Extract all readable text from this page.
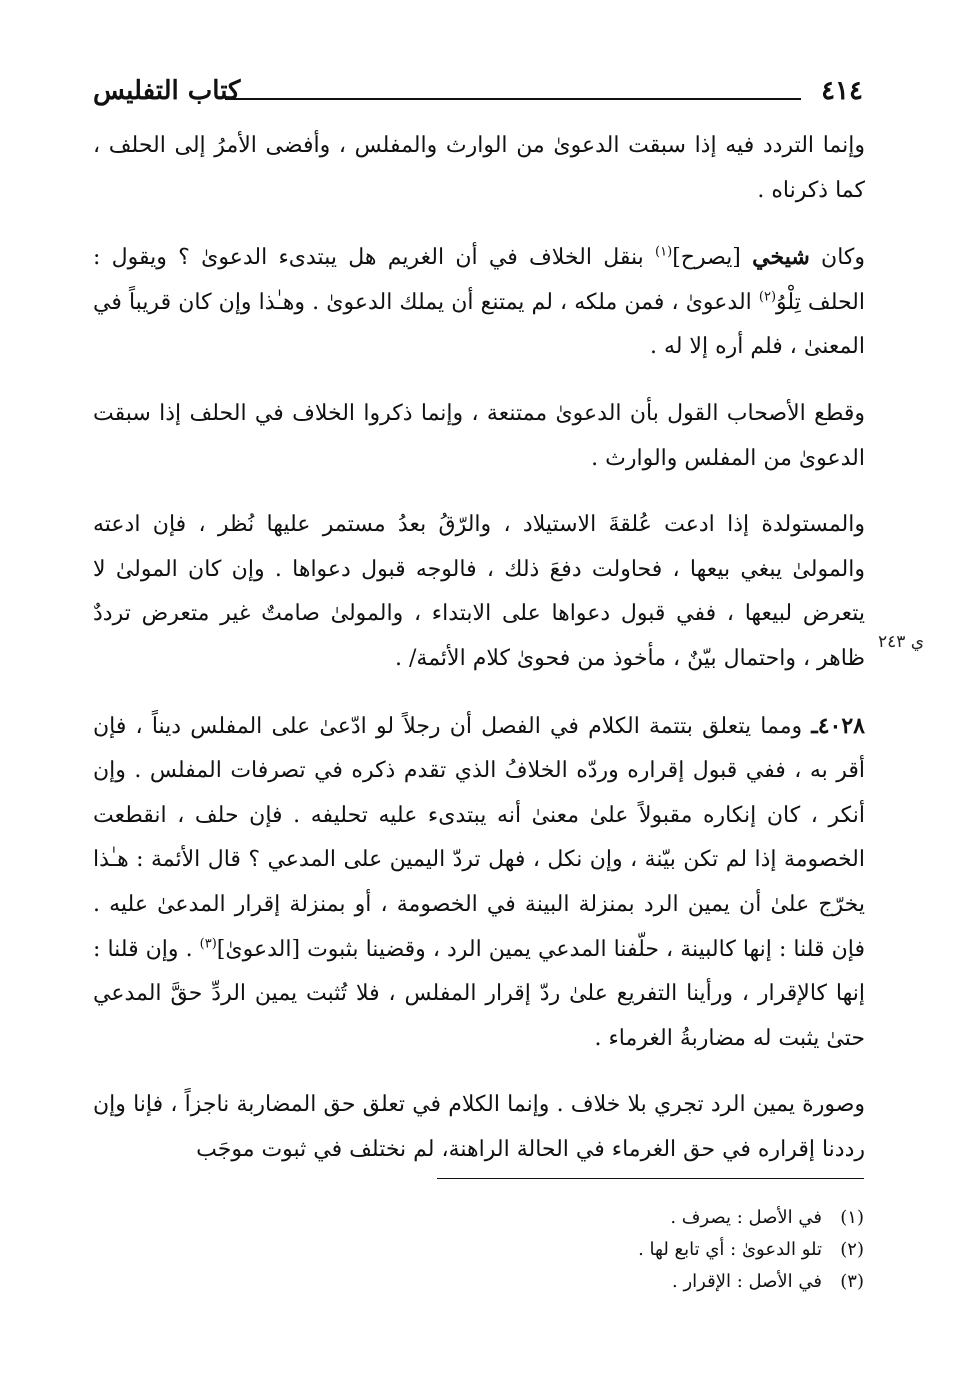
٤١٤
كتاب التفليس

وإنما التردد فيه إذا سبقت الدعوىٰ من الوارث والمفلس ، وأفضى الأمرُ إلى الحلف ، كما ذكرناه .

وكان شيخي [يصرح]$^{(١)}$ بنقل الخلاف في أن الغريم هل يبتدىء الدعوىٰ ؟ ويقول : الحلف تِلْوُ$^{(٢)}$ الدعوىٰ ، فمن ملكه ، لم يمتنع أن يملك الدعوىٰ . وهـٰذا وإن كان قريباً في المعنىٰ ، فلم أره إلا له .

وقطع الأصحاب القول بأن الدعوىٰ ممتنعة ، وإنما ذكروا الخلاف في الحلف إذا سبقت الدعوىٰ من المفلس والوارث .

والمستولدة إذا ادعت عُلقةَ الاستيلاد ، والرّقُ بعدُ مستمر عليها نُظر ، فإن ادعته والمولىٰ يبغي بيعها ، فحاولت دفعَ ذلك ، فالوجه قبول دعواها . وإن كان المولىٰ لا يتعرض لبيعها ، ففي قبول دعواها على الابتداء ، والمولىٰ صامتٌ غير متعرض ترددٌ ظاهر ، واحتمال بيّنٌ ، مأخوذ من فحوىٰ كلام الأئمة/ .

٤٠٢٨ـ ومما يتعلق بتتمة الكلام في الفصل أن رجلاً لو ادّعىٰ على المفلس ديناً ، فإن أقر به ، ففي قبول إقراره وردّه الخلافُ الذي تقدم ذكره في تصرفات المفلس . وإن أنكر ، كان إنكاره مقبولاً علىٰ معنىٰ أنه يبتدىء عليه تحليفه . فإن حلف ، انقطعت الخصومة إذا لم تكن بيّنة ، وإن نكل ، فهل تردّ اليمين على المدعي ؟ قال الأئمة : هـٰذا يخرّج علىٰ أن يمين الرد بمنزلة البينة في الخصومة ، أو بمنزلة إقرار المدعىٰ عليه . فإن قلنا : إنها كالبينة ، حلّفنا المدعي يمين الرد ، وقضينا بثبوت [الدعوىٰ]$^{(٣)}$ . وإن قلنا : إنها كالإقرار ، ورأينا التفريع علىٰ ردّ إقرار المفلس ، فلا تُثبت يمين الردِّ حقَّ المدعي حتىٰ يثبت له مضاربةُ الغرماء .

وصورة يمين الرد تجري بلا خلاف . وإنما الكلام في تعلق حق المضاربة ناجزاً ، فإنا وإن رددنا إقراره في حق الغرماء في الحالة الراهنة، لم نختلف في ثبوت موجَب

ي ٢٤٣
(١)في الأصل : يصرف .
(٢)تلو الدعوىٰ : أي تابع لها .
(٣)في الأصل : الإقرار .
